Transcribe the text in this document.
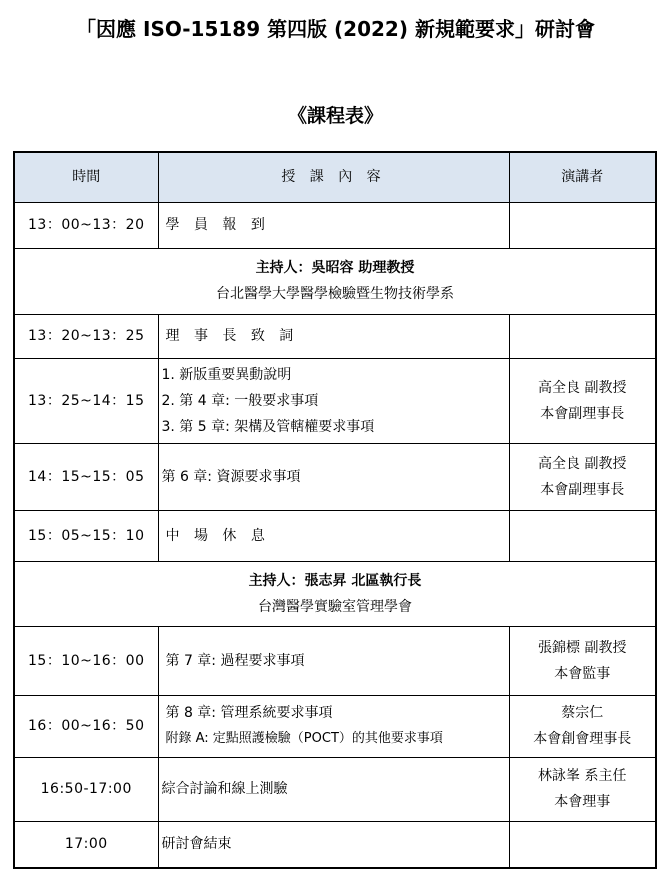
「因應 ISO-15189 第四版 (2022) 新規範要求」研討會
《課程表》
時間	授 課 內 容	演講者
13：00~13：20	學 員 報 到	

主持人：吳昭容 助理教授
台北醫學大學醫學檢驗暨生物技術學系		

13：20~13：25	理 事 長 致 詞	

13：25~14：15	1. 新版重要異動說明
2. 第 4 章: 一般要求事項
3. 第 5 章: 架構及管轄權要求事項	高全良 副教授
本會副理事長

14：15~15：05	第 6 章: 資源要求事項	高全良 副教授
本會副理事長

15：05~15：10	中 場 休 息	

主持人：張志昇 北區執行長
台灣醫學實驗室管理學會		

15：10~16：00	第 7 章: 過程要求事項	張錦標 副教授
本會監事

16：00~16：50	第 8 章: 管理系統要求事項
附錄 A: 定點照護檢驗（POCT）的其他要求事項	蔡宗仁
本會創會理事長

16:50-17:00	綜合討論和線上測驗	林詠峯 系主任
本會理事

17:00	研討會結束	
